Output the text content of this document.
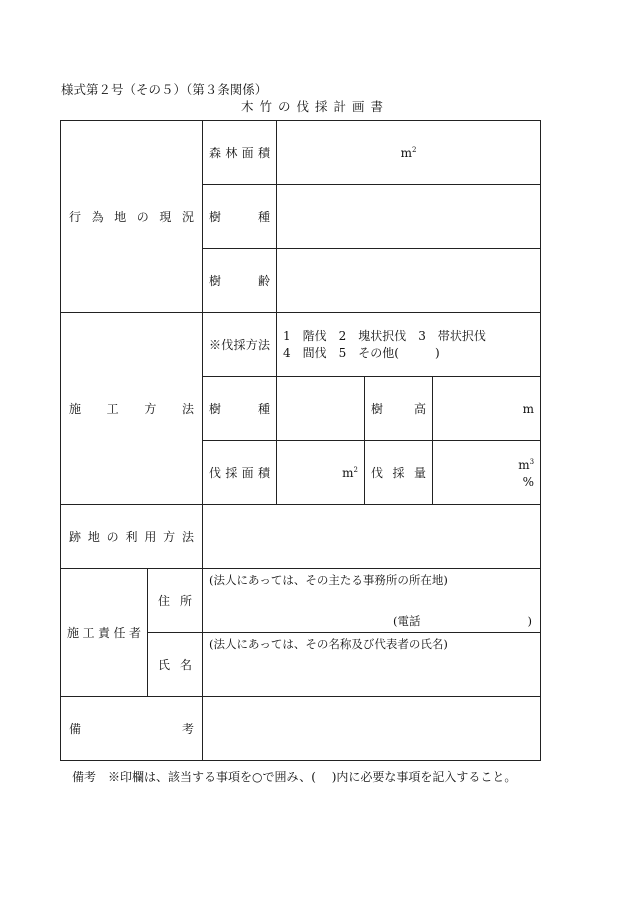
様式第２号（その５）（第３条関係）
木竹の伐採計画書
行為地の現況		森林面積	$m^2$
		樹種			
		樹齢			
施工方法		※伐採方法	1　階伐　2　塊状択伐　3　帯状択伐
4　間伐　5　その他(　　　)		

		樹種		樹高	m
		伐採面積	$m^2$	伐採量	$m^3$
%

跡地の利用方法					
施工責任者	住所	(法人にあっては、その主たる事務所の所在地)
(電話 )			

	氏名	(法人にあっては、その名称及び代表者の氏名)			

備考					
備考　※印欄は、該当する事項を○で囲み、(　 )内に必要な事項を記入すること。
